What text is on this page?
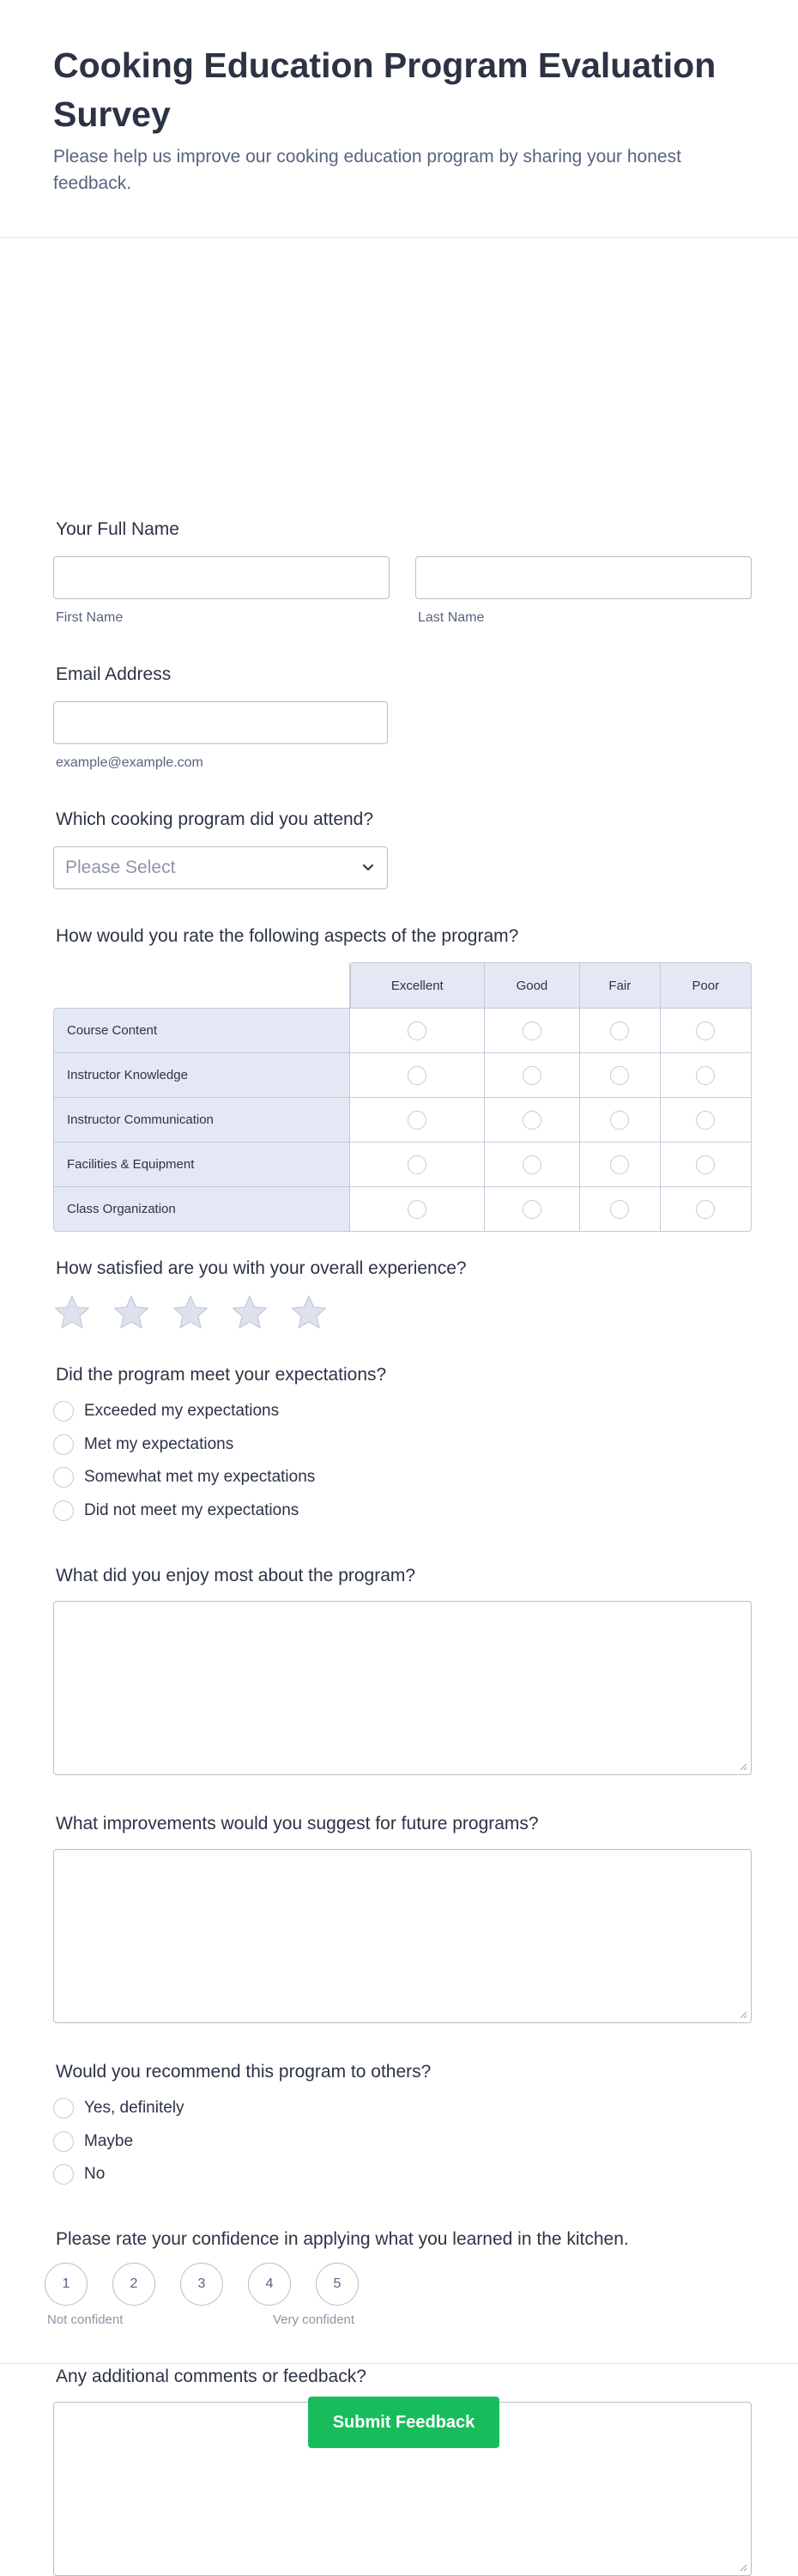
Cooking Education Program Evaluation Survey
Please help us improve our cooking education program by sharing your honest feedback.
Your Full Name
First Name	Last Name
Email Address
example@example.com
Which cooking program did you attend?
Please Select
How would you rate the following aspects of the program?
	Excellent	Good	Fair	Poor
Course Content				
Instructor Knowledge				
Instructor Communication				
Facilities & Equipment				
Class Organization				
How satisfied are you with your overall experience?
Did the program meet your expectations?
Exceeded my expectations
Met my expectations
Somewhat met my expectations
Did not meet my expectations
What did you enjoy most about the program?
What improvements would you suggest for future programs?
Would you recommend this program to others?
Yes, definitely
Maybe
No
Please rate your confidence in applying what you learned in the kitchen.
1	2	3	4	5
Not confident	Very confident
Any additional comments or feedback?
Submit Feedback
